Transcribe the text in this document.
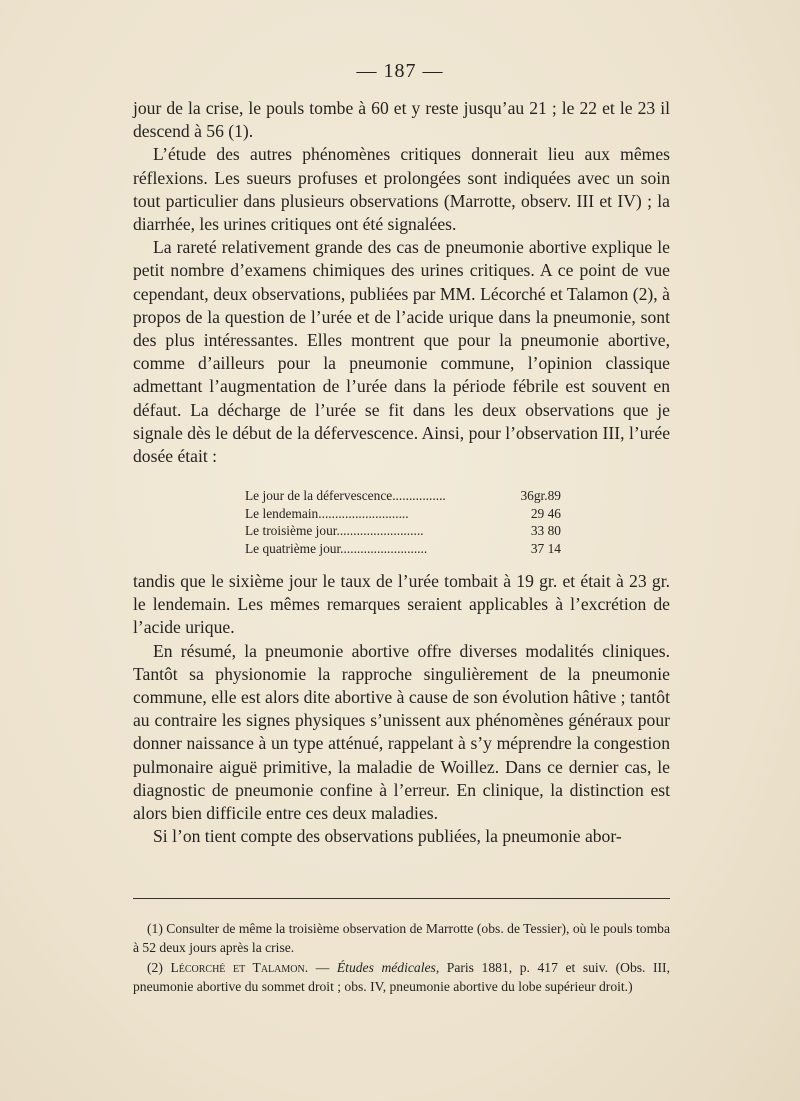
— 187 —

jour de la crise, le pouls tombe à 60 et y reste jusqu’au 21 ; le 22 et le 23 il descend à 56 (1).

L’étude des autres phénomènes critiques donnerait lieu aux mêmes réflexions. Les sueurs profuses et prolongées sont indiquées avec un soin tout particulier dans plusieurs observations (Marrotte, observ. III et IV) ; la diarrhée, les urines critiques ont été signalées.

La rareté relativement grande des cas de pneumonie abortive explique le petit nombre d’examens chimiques des urines critiques. A ce point de vue cependant, deux observations, publiées par MM. Lécorché et Talamon (2), à propos de la question de l’urée et de l’acide urique dans la pneumonie, sont des plus intéressantes. Elles montrent que pour la pneumonie abortive, comme d’ailleurs pour la pneumonie commune, l’opinion classique admettant l’augmentation de l’urée dans la période fébrile est souvent en défaut. La décharge de l’urée se fit dans les deux observations que je signale dès le début de la défervescence. Ainsi, pour l’observation III, l’urée dosée était :

Le jour de la défervescence................	36gr.89
Le lendemain...........................	29 46
Le troisième jour..........................	33 80
Le quatrième jour..........................	37 14

tandis que le sixième jour le taux de l’urée tombait à 19 gr. et était à 23 gr. le lendemain. Les mêmes remarques seraient applicables à l’excrétion de l’acide urique.

En résumé, la pneumonie abortive offre diverses modalités cliniques. Tantôt sa physionomie la rapproche singulièrement de la pneumonie commune, elle est alors dite abortive à cause de son évolution hâtive ; tantôt au contraire les signes physiques s’unissent aux phénomènes généraux pour donner naissance à un type atténué, rappelant à s’y méprendre la congestion pulmonaire aiguë primitive, la maladie de Woillez. Dans ce dernier cas, le diagnostic de pneumonie confine à l’erreur. En clinique, la distinction est alors bien difficile entre ces deux maladies.

Si l’on tient compte des observations publiées, la pneumonie abor-

(1) Consulter de même la troisième observation de Marrotte (obs. de Tessier), où le pouls tomba à 52 deux jours après la crise.

(2) Lécorché et Talamon. — Études médicales, Paris 1881, p. 417 et suiv. (Obs. III, pneumonie abortive du sommet droit ; obs. IV, pneumonie abortive du lobe supérieur droit.)
